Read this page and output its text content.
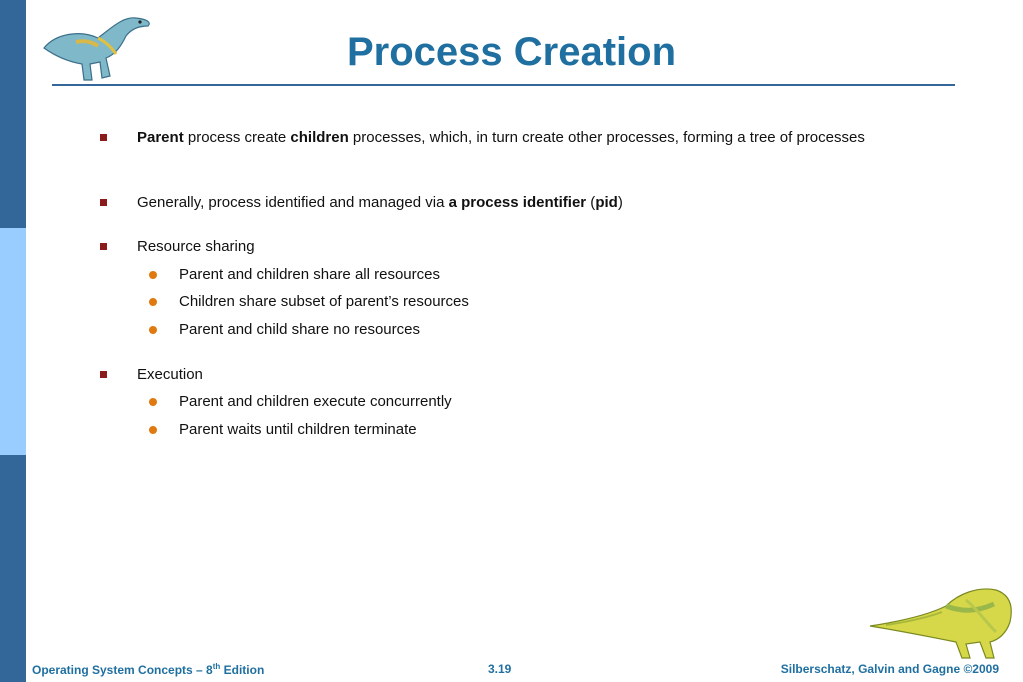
Process Creation
Parent process create children processes, which, in turn create other processes, forming a tree of processes
Generally, process identified and managed via a process identifier (pid)
Resource sharing
Parent and children share all resources
Children share subset of parent’s resources
Parent and child share no resources
Execution
Parent and children execute concurrently
Parent waits until children terminate
Operating System Concepts – 8th Edition	3.19	Silberschatz, Galvin and Gagne ©2009
